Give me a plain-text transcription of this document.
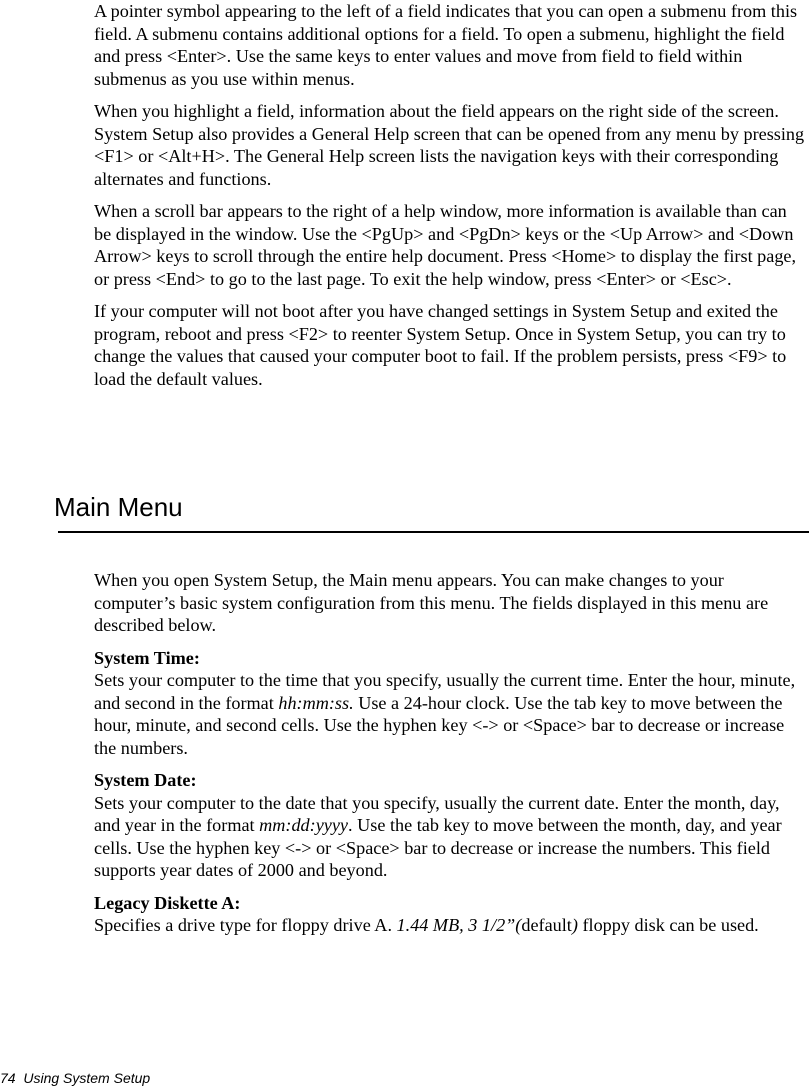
A pointer symbol appearing to the left of a field indicates that you can open a submenu from this field. A submenu contains additional options for a field. To open a submenu, highlight the field and press <Enter>. Use the same keys to enter values and move from field to field within submenus as you use within menus.

When you highlight a field, information about the field appears on the right side of the screen. System Setup also provides a General Help screen that can be opened from any menu by pressing <F1> or <Alt+H>. The General Help screen lists the navigation keys with their corresponding alternates and functions.

When a scroll bar appears to the right of a help window, more information is available than can be displayed in the window. Use the <PgUp> and <PgDn> keys or the <Up Arrow> and <Down Arrow> keys to scroll through the entire help document. Press <Home> to display the first page, or press <End> to go to the last page. To exit the help window, press <Enter> or <Esc>.

If your computer will not boot after you have changed settings in System Setup and exited the program, reboot and press <F2> to reenter System Setup. Once in System Setup, you can try to change the values that caused your computer boot to fail. If the problem persists, press <F9> to load the default values.

Main Menu

When you open System Setup, the Main menu appears. You can make changes to your computer’s basic system configuration from this menu. The fields displayed in this menu are described below.

System Time:
Sets your computer to the time that you specify, usually the current time. Enter the hour, minute, and second in the format hh:mm:ss. Use a 24-hour clock. Use the tab key to move between the hour, minute, and second cells. Use the hyphen key <-> or <Space> bar to decrease or increase the numbers.

System Date:
Sets your computer to the date that you specify, usually the current date. Enter the month, day, and year in the format mm:dd:yyyy. Use the tab key to move between the month, day, and year cells. Use the hyphen key <-> or <Space> bar to decrease or increase the numbers. This field supports year dates of 2000 and beyond.

Legacy Diskette A:
Specifies a drive type for floppy drive A. 1.44 MB, 3 1/2”(default) floppy disk can be used.

74 Using System Setup
